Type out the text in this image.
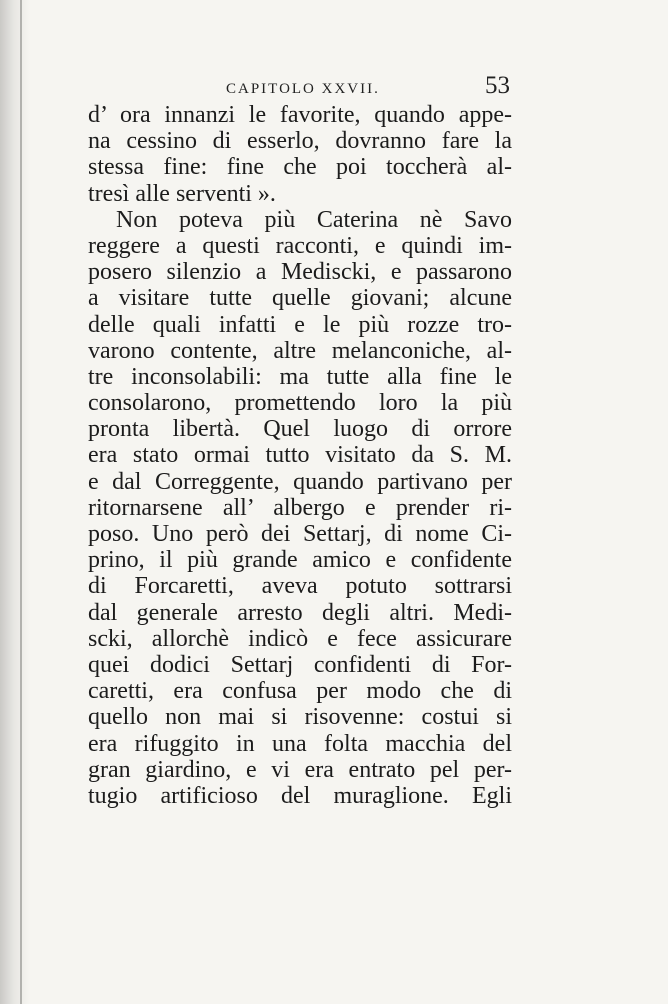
CAPITOLO XXVII.	53
d’ ora innanzi le favorite, quando appe-
na cessino di esserlo, dovranno fare la
stessa fine: fine che poi toccherà al-
tresì alle serventi ».
Non poteva più Caterina nè Savo
reggere a questi racconti, e quindi im-
posero silenzio a Mediscki, e passarono
a visitare tutte quelle giovani; alcune
delle quali infatti e le più rozze tro-
varono contente, altre melanconiche, al-
tre inconsolabili: ma tutte alla fine le
consolarono, promettendo loro la più
pronta libertà. Quel luogo di orrore
era stato ormai tutto visitato da S. M.
e dal Correggente, quando partivano per
ritornarsene all’ albergo e prender ri-
poso. Uno però dei Settarj, di nome Ci-
prino, il più grande amico e confidente
di Forcaretti, aveva potuto sottrarsi
dal generale arresto degli altri. Medi-
scki, allorchè indicò e fece assicurare
quei dodici Settarj confidenti di For-
caretti, era confusa per modo che di
quello non mai si risovenne: costui si
era rifuggito in una folta macchia del
gran giardino, e vi era entrato pel per-
tugio artificioso del muraglione. Egli
